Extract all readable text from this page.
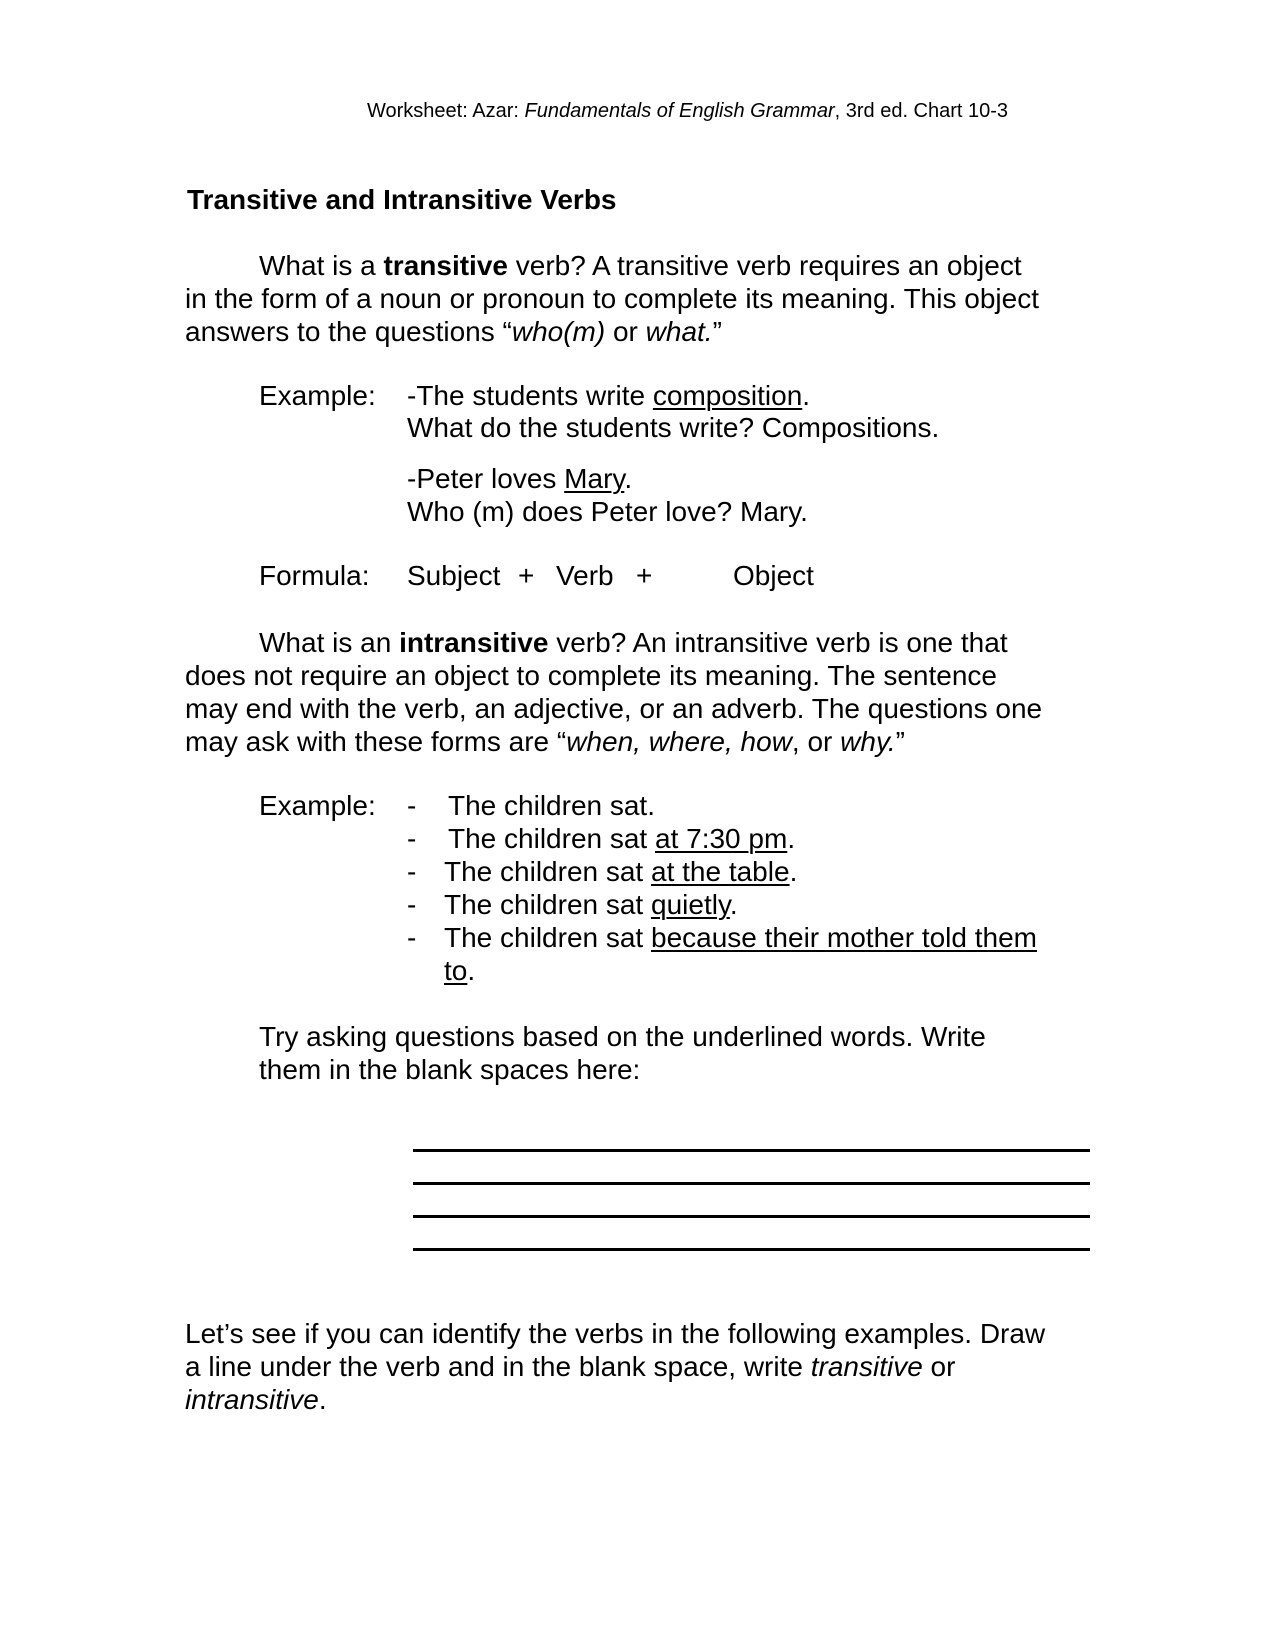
Worksheet: Azar: Fundamentals of English Grammar, 3rd ed. Chart 10-3
Transitive and Intransitive Verbs
What is a transitive verb? A transitive verb requires an object
in the form of a noun or pronoun to complete its meaning. This object
answers to the questions “who(m) or what.”
Example: -The students write composition.
What do the students write? Compositions.
-Peter loves Mary.
Who (m) does Peter love? Mary.
Formula: Subject + Verb +	Object
What is an intransitive verb? An intransitive verb is one that
does not require an object to complete its meaning. The sentence
may end with the verb, an adjective, or an adverb. The questions one
may ask with these forms are “when, where, how, or why.”
Example: - The children sat.
- The children sat at 7:30 pm.
- The children sat at the table.
- The children sat quietly.
- The children sat because their mother told them
to.
Try asking questions based on the underlined words. Write
them in the blank spaces here:
Let’s see if you can identify the verbs in the following examples. Draw
a line under the verb and in the blank space, write transitive or
intransitive.
